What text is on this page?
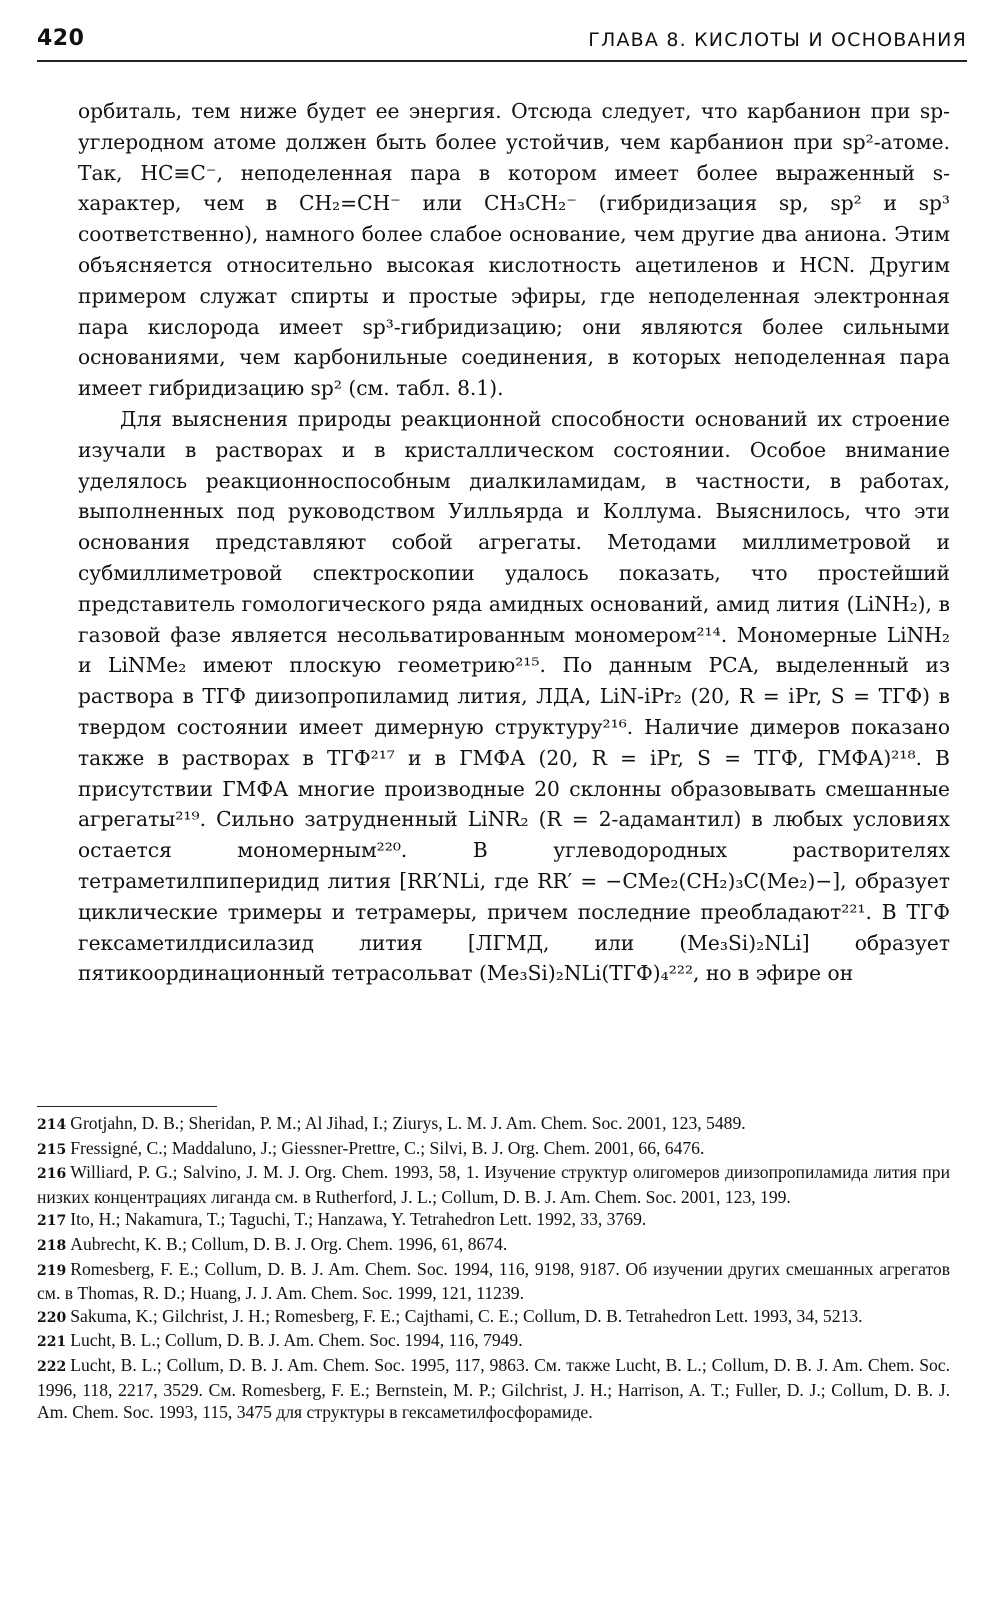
420	ГЛАВА 8. КИСЛОТЫ И ОСНОВАНИЯ

орбиталь, тем ниже будет ее энергия. Отсюда следует, что карбанион при sp-углеродном атоме должен быть более устойчив, чем карбанион при sp²-атоме. Так, HC≡C⁻, неподеленная пара в котором имеет более выраженный s-характер, чем в CH₂=CH⁻ или CH₃CH₂⁻ (гибридизация sp, sp² и sp³ соответственно), намного более слабое основание, чем другие два аниона. Этим объясняется относительно высокая кислотность ацетиленов и HCN. Другим примером служат спирты и простые эфиры, где неподеленная электронная пара кислорода имеет sp³-гибридизацию; они являются более сильными основаниями, чем карбонильные соединения, в которых неподеленная пара имеет гибридизацию sp² (см. табл. 8.1).

Для выяснения природы реакционной способности оснований их строение изучали в растворах и в кристаллическом состоянии. Особое внимание уделялось реакционноспособным диалкиламидам, в частности, в работах, выполненных под руководством Уилльярда и Коллума. Выяснилось, что эти основания представляют собой агрегаты. Методами миллиметровой и субмиллиметровой спектроскопии удалось показать, что простейший представитель гомологического ряда амидных оснований, амид лития (LiNH₂), в газовой фазе является несольватированным мономером²¹⁴. Мономерные LiNH₂ и LiNMe₂ имеют плоскую геометрию²¹⁵. По данным РСА, выделенный из раствора в ТГФ диизопропиламид лития, ЛДА, LiN-iPr₂ (20, R = iPr, S = ТГФ) в твердом состоянии имеет димерную структуру²¹⁶. Наличие димеров показано также в растворах в ТГФ²¹⁷ и в ГМФА (20, R = iPr, S = ТГФ, ГМФА)²¹⁸. В присутствии ГМФА многие производные 20 склонны образовывать смешанные агрегаты²¹⁹. Сильно затрудненный LiNR₂ (R = 2-адамантил) в любых условиях остается мономерным²²⁰. В углеводородных растворителях тетраметилпиперидид лития [RR′NLi, где RR′ = −CMe₂(CH₂)₃C(Me₂)−], образует циклические тримеры и тетрамеры, причем последние преобладают²²¹. В ТГФ гексаметилдисилазид лития [ЛГМД, или (Me₃Si)₂NLi] образует пятикоординационный тетрасольват (Me₃Si)₂NLi(ТГФ)₄²²², но в эфире он

214 Grotjahn, D. B.; Sheridan, P. M.; Al Jihad, I.; Ziurys, L. M. J. Am. Chem. Soc. 2001, 123, 5489.

215 Fressigné, C.; Maddaluno, J.; Giessner-Prettre, C.; Silvi, B. J. Org. Chem. 2001, 66, 6476.

216 Williard, P. G.; Salvino, J. M. J. Org. Chem. 1993, 58, 1. Изучение структур олигомеров диизопропиламида лития при низких концентрациях лиганда см. в Rutherford, J. L.; Collum, D. B. J. Am. Chem. Soc. 2001, 123, 199.

217 Ito, H.; Nakamura, T.; Taguchi, T.; Hanzawa, Y. Tetrahedron Lett. 1992, 33, 3769.

218 Aubrecht, K. B.; Collum, D. B. J. Org. Chem. 1996, 61, 8674.

219 Romesberg, F. E.; Collum, D. B. J. Am. Chem. Soc. 1994, 116, 9198, 9187. Об изучении других смешанных агрегатов см. в Thomas, R. D.; Huang, J. J. Am. Chem. Soc. 1999, 121, 11239.

220 Sakuma, K.; Gilchrist, J. H.; Romesberg, F. E.; Cajthami, C. E.; Collum, D. B. Tetrahedron Lett. 1993, 34, 5213.

221 Lucht, B. L.; Collum, D. B. J. Am. Chem. Soc. 1994, 116, 7949.

222 Lucht, B. L.; Collum, D. B. J. Am. Chem. Soc. 1995, 117, 9863. См. также Lucht, B. L.; Collum, D. B. J. Am. Chem. Soc. 1996, 118, 2217, 3529. См. Romesberg, F. E.; Bernstein, M. P.; Gilchrist, J. H.; Harrison, A. T.; Fuller, D. J.; Collum, D. B. J. Am. Chem. Soc. 1993, 115, 3475 для структуры в гексаметилфосфорамиде.
